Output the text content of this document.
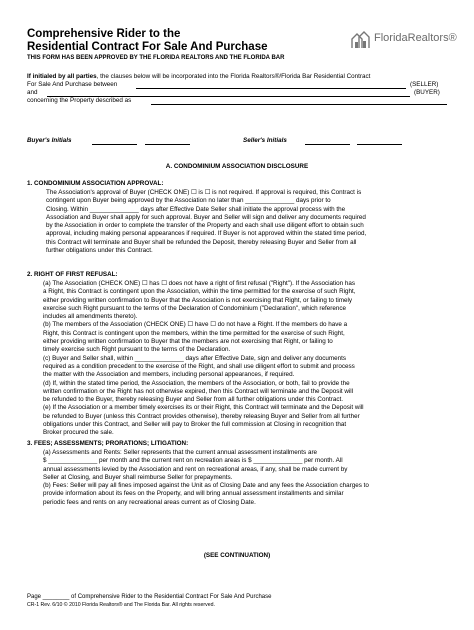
Comprehensive Rider to the
Residential Contract For Sale And Purchase
THIS FORM HAS BEEN APPROVED BY THE FLORIDA REALTORS AND THE FLORIDA BAR
FloridaRealtors®
If initialed by all parties, the clauses below will be incorporated into the Florida Realtors®/Florida Bar Residential Contract
For Sale And Purchase between	(SELLER)
and	(BUYER)
concerning the Property described as
Buyer's Initials	Seller's Initials
A. CONDOMINIUM ASSOCIATION DISCLOSURE
1. CONDOMINIUM ASSOCIATION APPROVAL:
The Association's approval of Buyer (CHECK ONE) ☐ is ☐ is not required. If approval is required, this Contract is
contingent upon Buyer being approved by the Association no later than ______________ days prior to
Closing. Within ______________ days after Effective Date Seller shall initiate the approval process with the
Association and Buyer shall apply for such approval. Buyer and Seller will sign and deliver any documents required
by the Association in order to complete the transfer of the Property and each shall use diligent effort to obtain such
approval, including making personal appearances if required. If Buyer is not approved within the stated time period,
this Contract will terminate and Buyer shall be refunded the Deposit, thereby releasing Buyer and Seller from all
further obligations under this Contract.
2. RIGHT OF FIRST REFUSAL:
(a) The Association (CHECK ONE) ☐ has ☐ does not have a right of first refusal ("Right"). If the Association has
a Right, this Contract is contingent upon the Association, within the time permitted for the exercise of such Right,
either providing written confirmation to Buyer that the Association is not exercising that Right, or failing to timely
exercise such Right pursuant to the terms of the Declaration of Condominium ("Declaration", which reference
includes all amendments thereto).
(b) The members of the Association (CHECK ONE) ☐ have ☐ do not have a Right. If the members do have a
Right, this Contract is contingent upon the members, within the time permitted for the exercise of such Right,
either providing written confirmation to Buyer that the members are not exercising that Right, or failing to
timely exercise such Right pursuant to the terms of the Declaration.
(c) Buyer and Seller shall, within ______________ days after Effective Date, sign and deliver any documents
required as a condition precedent to the exercise of the Right, and shall use diligent effort to submit and process
the matter with the Association and members, including personal appearances, if required.
(d) If, within the stated time period, the Association, the members of the Association, or both, fail to provide the
written confirmation or the Right has not otherwise expired, then this Contract will terminate and the Deposit will
be refunded to the Buyer, thereby releasing Buyer and Seller from all further obligations under this Contract.
(e) If the Association or a member timely exercises its or their Right, this Contract will terminate and the Deposit will
be refunded to Buyer (unless this Contract provides otherwise), thereby releasing Buyer and Seller from all further
obligations under this Contract, and Seller will pay to Broker the full commission at Closing in recognition that
Broker procured the sale.
3. FEES; ASSESSMENTS; PRORATIONS; LITIGATION:
(a) Assessments and Rents: Seller represents that the current annual assessment installments are
$ ______________ per month and the current rent on recreation areas is $ ______________ per month. All
annual assessments levied by the Association and rent on recreational areas, if any, shall be made current by
Seller at Closing, and Buyer shall reimburse Seller for prepayments.
(b) Fees: Seller will pay all fines imposed against the Unit as of Closing Date and any fees the Association charges to
provide information about its fees on the Property, and will bring annual assessment installments and similar
periodic fees and rents on any recreational areas current as of Closing Date.
(SEE CONTINUATION)
Page ________ of Comprehensive Rider to the Residential Contract For Sale And Purchase
CR-1 Rev. 6/10 © 2010 Florida Realtors® and The Florida Bar. All rights reserved.
